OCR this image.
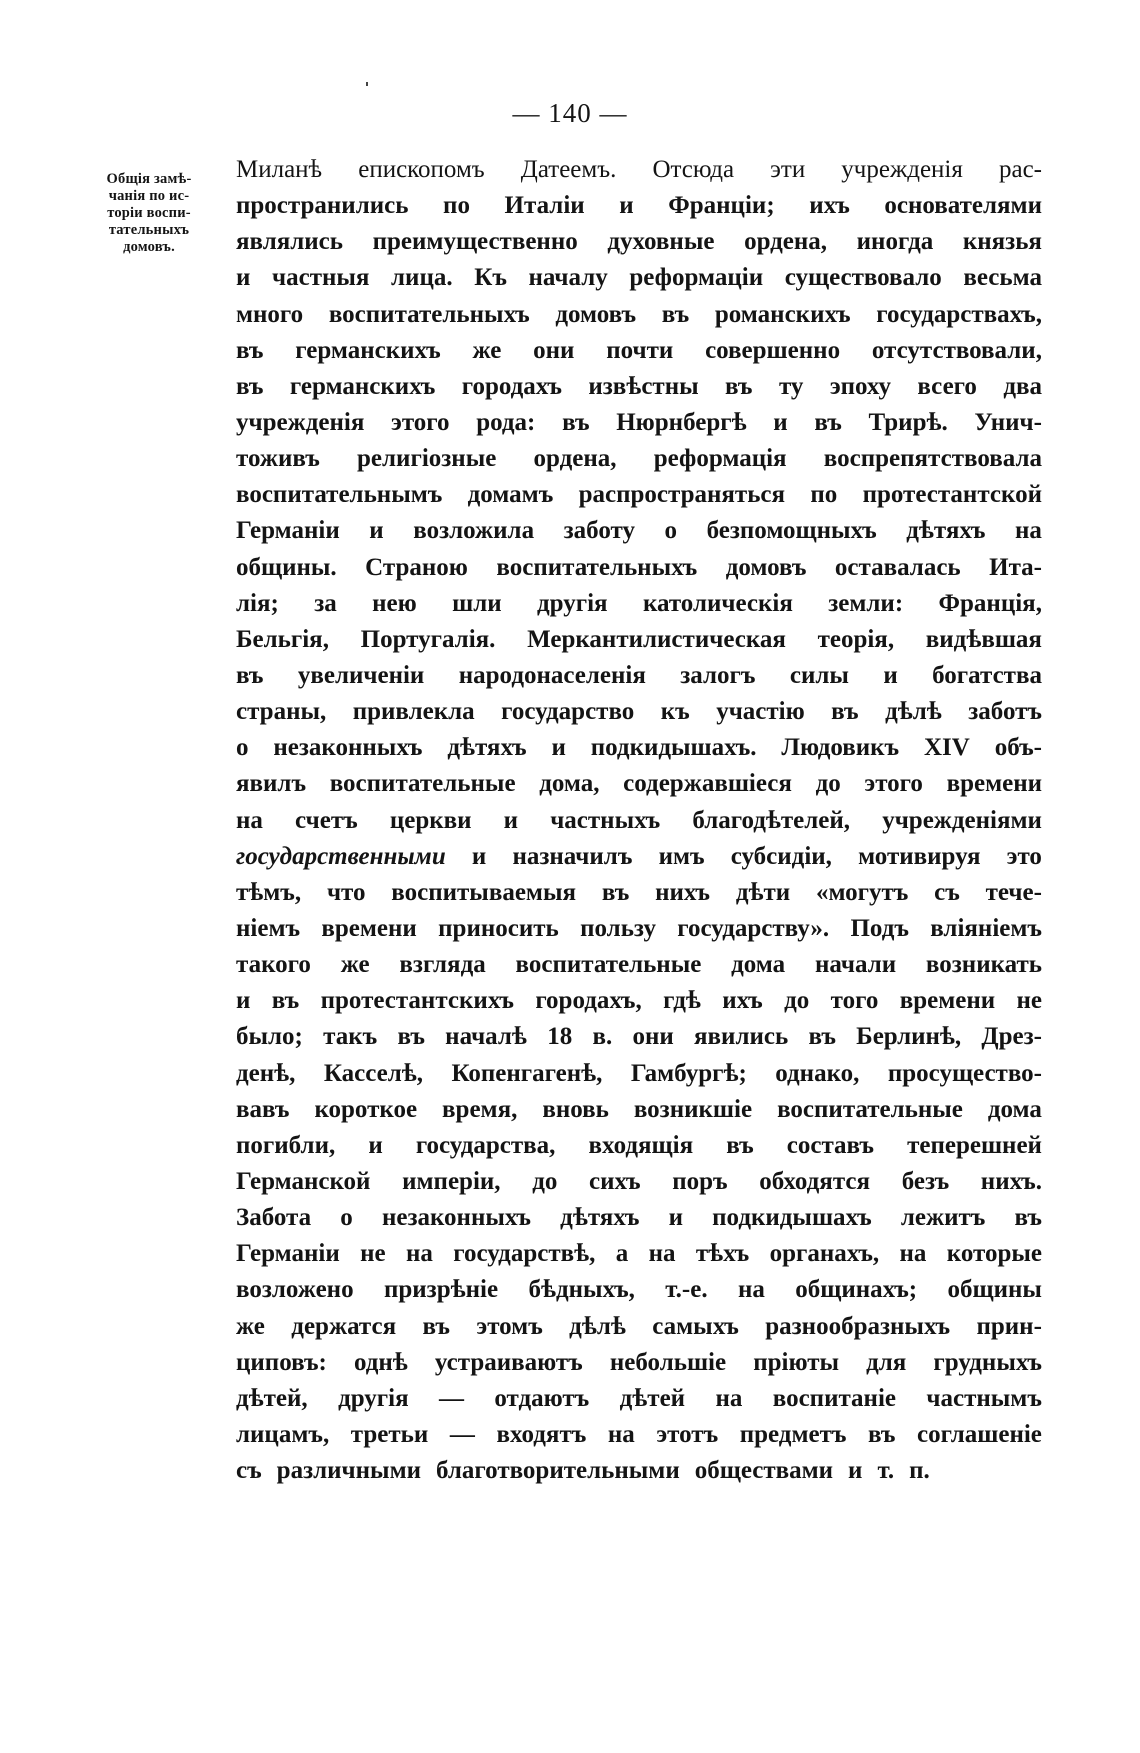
— 140 —
Общія замѣ-
чанія по ис-
торіи воспи-
тательныхъ
домовъ.
Миланѣ епископомъ Датеемъ. Отсюда эти учрежденія рас-
пространились по Италіи и Франціи; ихъ основателями
являлись преимущественно духовные ордена, иногда князья
и частныя лица. Къ началу реформаціи существовало весьма
много воспитательныхъ домовъ въ романскихъ государствахъ,
въ германскихъ же они почти совершенно отсутствовали,
въ германскихъ городахъ извѣстны въ ту эпоху всего два
учрежденія этого рода: въ Нюрнбергѣ и въ Трирѣ. Унич-
тоживъ религіозные ордена, реформація воспрепятствовала
воспитательнымъ домамъ распространяться по протестантской
Германіи и возложила заботу о безпомощныхъ дѣтяхъ на
общины. Страною воспитательныхъ домовъ оставалась Ита-
лія; за нею шли другія католическія земли: Франція,
Бельгія, Португалія. Меркантилистическая теорія, видѣвшая
въ увеличеніи народонаселенія залогъ силы и богатства
страны, привлекла государство къ участію въ дѣлѣ заботъ
о незаконныхъ дѣтяхъ и подкидышахъ. Людовикъ XIV объ-
явилъ воспитательные дома, содержавшіеся до этого времени
на счетъ церкви и частныхъ благодѣтелей, учрежденіями
государственными и назначилъ имъ субсидіи, мотивируя это
тѣмъ, что воспитываемыя въ нихъ дѣти «могутъ съ тече-
ніемъ времени приносить пользу государству». Подъ вліяніемъ
такого же взгляда воспитательные дома начали возникать
и въ протестантскихъ городахъ, гдѣ ихъ до того времени не
было; такъ въ началѣ 18 в. они явились въ Берлинѣ, Дрез-
денѣ, Касселѣ, Копенгагенѣ, Гамбургѣ; однако, просущество-
вавъ короткое время, вновь возникшіе воспитательные дома
погибли, и государства, входящія въ составъ теперешней
Германской имперіи, до сихъ поръ обходятся безъ нихъ.
Забота о незаконныхъ дѣтяхъ и подкидышахъ лежитъ въ
Германіи не на государствѣ, а на тѣхъ органахъ, на которые
возложено призрѣніе бѣдныхъ, т.-е. на общинахъ; общины
же держатся въ этомъ дѣлѣ самыхъ разнообразныхъ прин-
циповъ: однѣ устраиваютъ небольшіе пріюты для грудныхъ
дѣтей, другія — отдаютъ дѣтей на воспитаніе частнымъ
лицамъ, третьи — входятъ на этотъ предметъ въ соглашеніе
съ различными благотворительными обществами и т. п.
